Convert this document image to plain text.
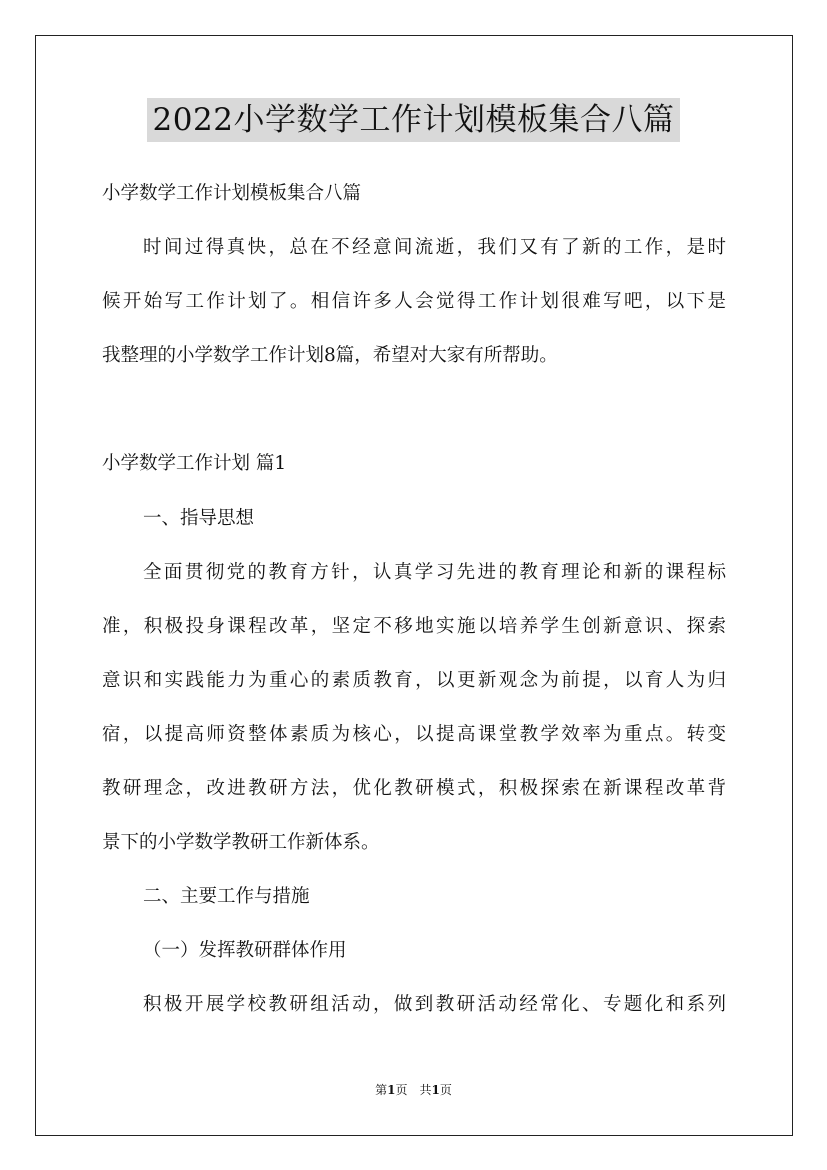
2022小学数学工作计划模板集合八篇
小学数学工作计划模板集合八篇
时间过得真快，总在不经意间流逝，我们又有了新的工作，是时
候开始写工作计划了。相信许多人会觉得工作计划很难写吧，以下是
我整理的小学数学工作计划8篇，希望对大家有所帮助。
小学数学工作计划 篇1
一、指导思想
全面贯彻党的教育方针，认真学习先进的教育理论和新的课程标
准，积极投身课程改革，坚定不移地实施以培养学生创新意识、探索
意识和实践能力为重心的素质教育，以更新观念为前提，以育人为归
宿，以提高师资整体素质为核心，以提高课堂教学效率为重点。转变
教研理念，改进教研方法，优化教研模式，积极探索在新课程改革背
景下的小学数学教研工作新体系。
二、主要工作与措施
（一）发挥教研群体作用
积极开展学校教研组活动，做到教研活动经常化、专题化和系列
第1页　共1页
